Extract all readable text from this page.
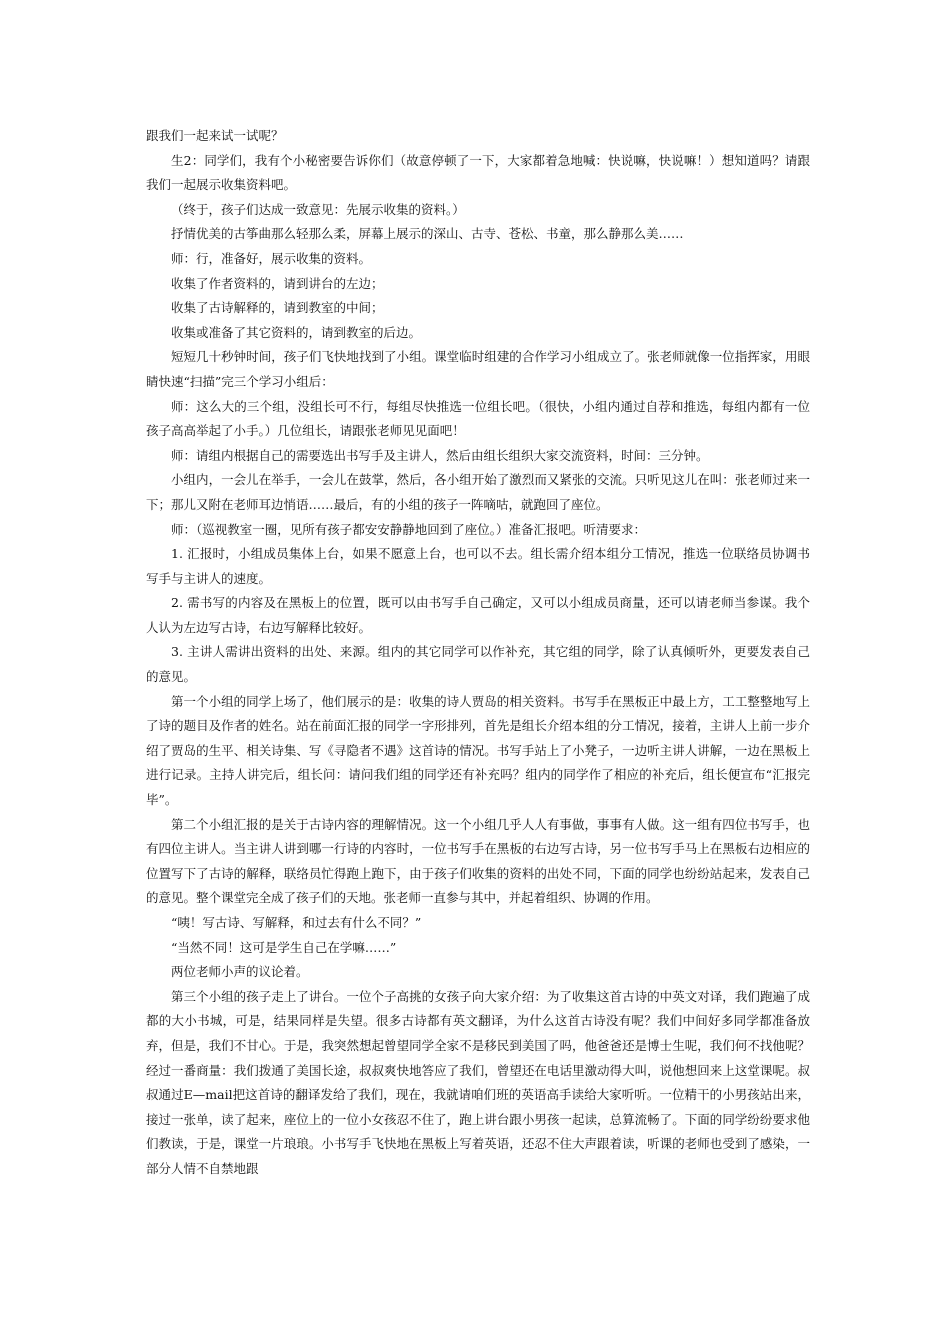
跟我们一起来试一试呢？

生2：同学们，我有个小秘密要告诉你们（故意停顿了一下，大家都着急地喊：快说嘛，快说嘛！）想知道吗？请跟我们一起展示收集资料吧。

（终于，孩子们达成一致意见：先展示收集的资料。）

抒情优美的古筝曲那么轻那么柔，屏幕上展示的深山、古寺、苍松、书童，那么静那么美……

师：行，准备好，展示收集的资料。

收集了作者资料的，请到讲台的左边；

收集了古诗解释的，请到教室的中间；

收集或准备了其它资料的，请到教室的后边。

短短几十秒钟时间，孩子们飞快地找到了小组。课堂临时组建的合作学习小组成立了。张老师就像一位指挥家，用眼睛快速“扫描”完三个学习小组后：

师：这么大的三个组，没组长可不行，每组尽快推选一位组长吧。（很快，小组内通过自荐和推选，每组内都有一位孩子高高举起了小手。）几位组长，请跟张老师见见面吧！

师：请组内根据自己的需要选出书写手及主讲人，然后由组长组织大家交流资料，时间：三分钟。

小组内，一会儿在举手，一会儿在鼓掌，然后，各小组开始了激烈而又紧张的交流。只听见这儿在叫：张老师过来一下；那儿又附在老师耳边悄语……最后，有的小组的孩子一阵嘀咕，就跑回了座位。

师：（巡视教室一圈，见所有孩子都安安静静地回到了座位。）准备汇报吧。听清要求：

1. 汇报时，小组成员集体上台，如果不愿意上台，也可以不去。组长需介绍本组分工情况，推选一位联络员协调书写手与主讲人的速度。

2. 需书写的内容及在黑板上的位置，既可以由书写手自己确定，又可以小组成员商量，还可以请老师当参谋。我个人认为左边写古诗，右边写解释比较好。

3. 主讲人需讲出资料的出处、来源。组内的其它同学可以作补充，其它组的同学，除了认真倾听外，更要发表自己的意见。

第一个小组的同学上场了，他们展示的是：收集的诗人贾岛的相关资料。书写手在黑板正中最上方，工工整整地写上了诗的题目及作者的姓名。站在前面汇报的同学一字形排列，首先是组长介绍本组的分工情况，接着，主讲人上前一步介绍了贾岛的生平、相关诗集、写《寻隐者不遇》这首诗的情况。书写手站上了小凳子，一边听主讲人讲解，一边在黑板上进行记录。主持人讲完后，组长问：请问我们组的同学还有补充吗？组内的同学作了相应的补充后，组长便宣布“汇报完毕”。

第二个小组汇报的是关于古诗内容的理解情况。这一个小组几乎人人有事做，事事有人做。这一组有四位书写手，也有四位主讲人。当主讲人讲到哪一行诗的内容时，一位书写手在黑板的右边写古诗，另一位书写手马上在黑板右边相应的位置写下了古诗的解释，联络员忙得跑上跑下，由于孩子们收集的资料的出处不同，下面的同学也纷纷站起来，发表自己的意见。整个课堂完全成了孩子们的天地。张老师一直参与其中，并起着组织、协调的作用。

“咦！写古诗、写解释，和过去有什么不同？”

“当然不同！这可是学生自己在学嘛……”

两位老师小声的议论着。

第三个小组的孩子走上了讲台。一位个子高挑的女孩子向大家介绍：为了收集这首古诗的中英文对译，我们跑遍了成都的大小书城，可是，结果同样是失望。很多古诗都有英文翻译，为什么这首古诗没有呢？我们中间好多同学都准备放弃，但是，我们不甘心。于是，我突然想起曾望同学全家不是移民到美国了吗，他爸爸还是博士生呢，我们何不找他呢？经过一番商量：我们拨通了美国长途，叔叔爽快地答应了我们，曾望还在电话里激动得大叫，说他想回来上这堂课呢。叔叔通过E—mail把这首诗的翻译发给了我们，现在，我就请咱们班的英语高手读给大家听听。一位精干的小男孩站出来，接过一张单，读了起来，座位上的一位小女孩忍不住了，跑上讲台跟小男孩一起读，总算流畅了。下面的同学纷纷要求他们教读，于是，课堂一片琅琅。小书写手飞快地在黑板上写着英语，还忍不住大声跟着读，听课的老师也受到了感染，一部分人情不自禁地跟
